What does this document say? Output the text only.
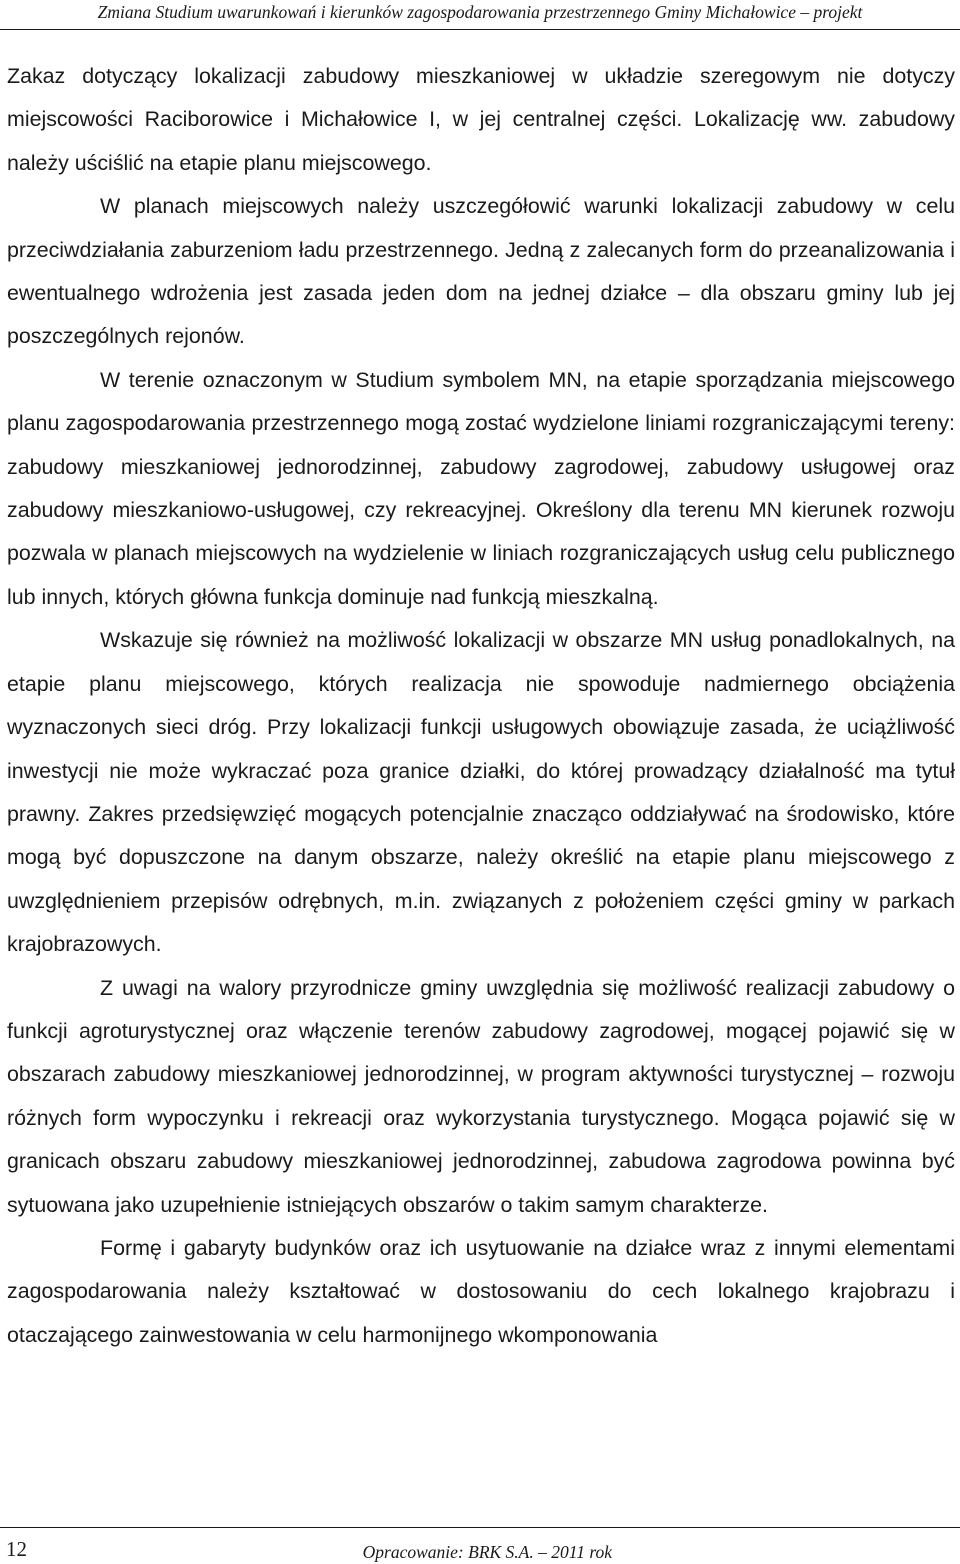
Zmiana Studium uwarunkowań i kierunków zagospodarowania przestrzennego Gminy Michałowice – projekt

Zakaz dotyczący lokalizacji zabudowy mieszkaniowej w układzie szeregowym nie dotyczy miejscowości Raciborowice i Michałowice I, w jej centralnej części. Lokalizację ww. zabudowy należy uściślić na etapie planu miejscowego.

W planach miejscowych należy uszczegółowić warunki lokalizacji zabudowy w celu przeciwdziałania zaburzeniom ładu przestrzennego. Jedną z zalecanych form do przeanalizowania i ewentualnego wdrożenia jest zasada jeden dom na jednej działce – dla obszaru gminy lub jej poszczególnych rejonów.

W terenie oznaczonym w Studium symbolem MN, na etapie sporządzania miejscowego planu zagospodarowania przestrzennego mogą zostać wydzielone liniami rozgraniczającymi tereny: zabudowy mieszkaniowej jednorodzinnej, zabudowy zagrodowej, zabudowy usługowej oraz zabudowy mieszkaniowo-usługowej, czy rekreacyjnej. Określony dla terenu MN kierunek rozwoju pozwala w planach miejscowych na wydzielenie w liniach rozgraniczających usług celu publicznego lub innych, których główna funkcja dominuje nad funkcją mieszkalną.

Wskazuje się również na możliwość lokalizacji w obszarze MN usług ponadlokalnych, na etapie planu miejscowego, których realizacja nie spowoduje nadmiernego obciążenia wyznaczonych sieci dróg. Przy lokalizacji funkcji usługowych obowiązuje zasada, że uciążliwość inwestycji nie może wykraczać poza granice działki, do której prowadzący działalność ma tytuł prawny. Zakres przedsięwzięć mogących potencjalnie znacząco oddziaływać na środowisko, które mogą być dopuszczone na danym obszarze, należy określić na etapie planu miejscowego z uwzględnieniem przepisów odrębnych, m.in. związanych z położeniem części gminy w parkach krajobrazowych.

Z uwagi na walory przyrodnicze gminy uwzględnia się możliwość realizacji zabudowy o funkcji agroturystycznej oraz włączenie terenów zabudowy zagrodowej, mogącej pojawić się w obszarach zabudowy mieszkaniowej jednorodzinnej, w program aktywności turystycznej – rozwoju różnych form wypoczynku i rekreacji oraz wykorzystania turystycznego. Mogąca pojawić się w granicach obszaru zabudowy mieszkaniowej jednorodzinnej, zabudowa zagrodowa powinna być sytuowana jako uzupełnienie istniejących obszarów o takim samym charakterze.

Formę i gabaryty budynków oraz ich usytuowanie na działce wraz z innymi elementami zagospodarowania należy kształtować w dostosowaniu do cech lokalnego krajobrazu i otaczającego zainwestowania w celu harmonijnego wkomponowania

12	Opracowanie: BRK S.A. – 2011 rok
